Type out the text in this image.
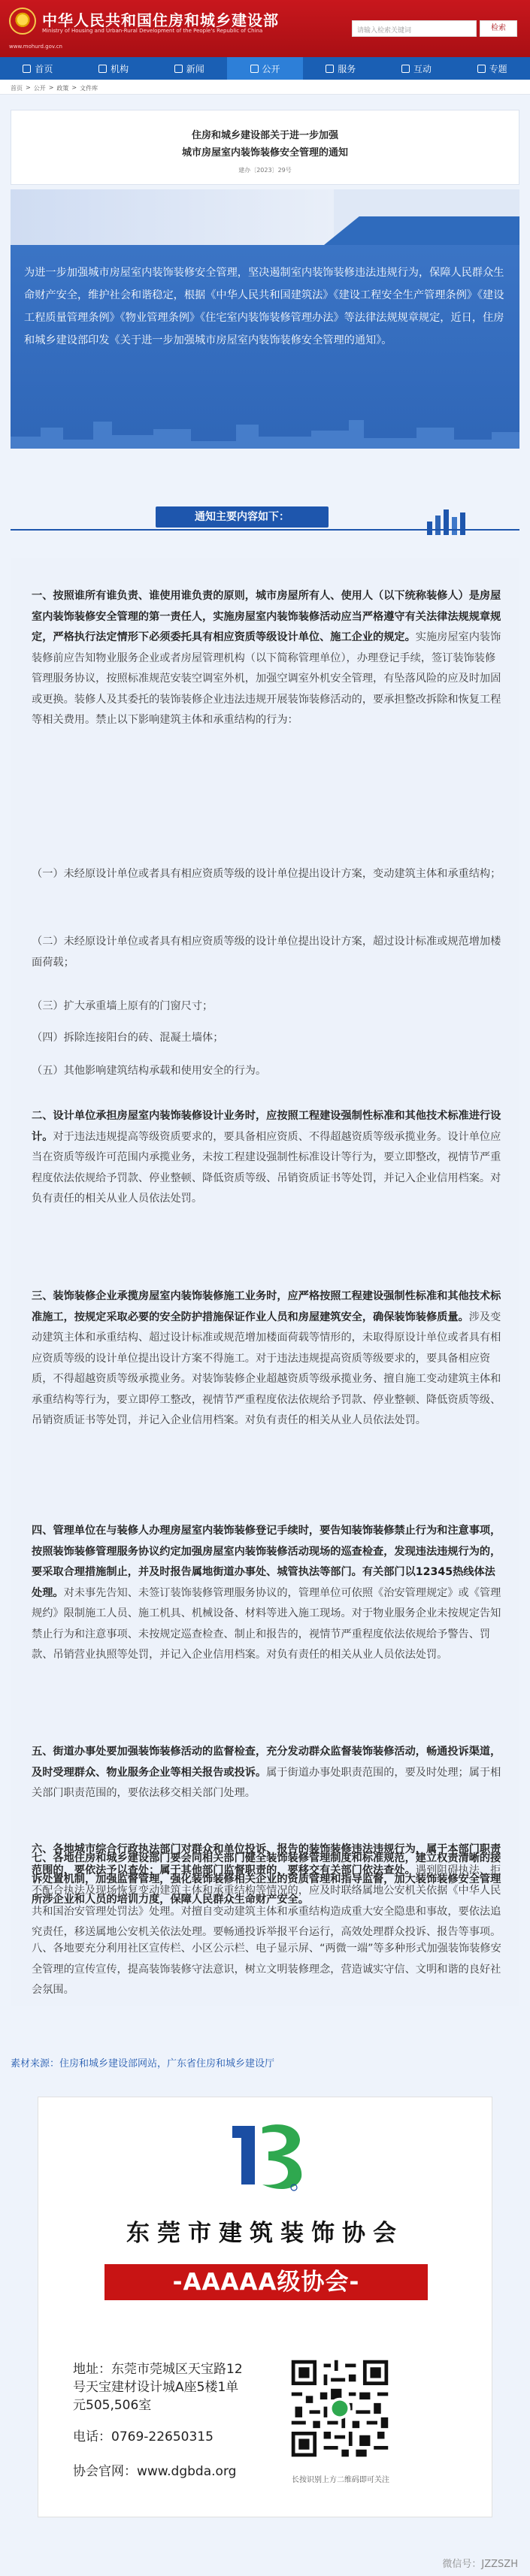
中华人民共和国住房和城乡建设部
Ministry of Housing and Urban-Rural Development of the People's Republic of China
www.mohurd.gov.cn
请输入检索关键词	检索
首页	机构	新闻	公开	服务	互动	专题
首页 > 公开 > 政策 > 文件库
住房和城乡建设部关于进一步加强
城市房屋室内装饰装修安全管理的通知
建办〔2023〕29号
为进一步加强城市房屋室内装饰装修安全管理，坚决遏制室内装饰装修违法违规行为，保障人民群众生命财产安全，维护社会和谐稳定，根据《中华人民共和国建筑法》《建设工程安全生产管理条例》《建设工程质量管理条例》《物业管理条例》《住宅室内装饰装修管理办法》等法律法规规章规定，近日，住房和城乡建设部印发《关于进一步加强城市房屋室内装饰装修安全管理的通知》。
通知主要内容如下：
一、按照谁所有谁负责、谁使用谁负责的原则，城市房屋所有人、使用人（以下统称装修人）是房屋室内装饰装修安全管理的第一责任人，实施房屋室内装饰装修活动应当严格遵守有关法律法规规章规定，严格执行法定情形下必须委托具有相应资质等级设计单位、施工企业的规定。实施房屋室内装饰装修前应告知物业服务企业或者房屋管理机构（以下简称管理单位），办理登记手续，签订装饰装修管理服务协议，按照标准规范安装空调室外机，加强空调室外机安全管理，有坠落风险的应及时加固或更换。装修人及其委托的装饰装修企业违法违规开展装饰装修活动的，要承担整改拆除和恢复工程等相关费用。禁止以下影响建筑主体和承重结构的行为：
（一）未经原设计单位或者具有相应资质等级的设计单位提出设计方案，变动建筑主体和承重结构；
（二）未经原设计单位或者具有相应资质等级的设计单位提出设计方案，超过设计标准或规范增加楼面荷载；
（三）扩大承重墙上原有的门窗尺寸；
（四）拆除连接阳台的砖、混凝土墙体；
（五）其他影响建筑结构承载和使用安全的行为。
二、设计单位承担房屋室内装饰装修设计业务时，应按照工程建设强制性标准和其他技术标准进行设计。对于违法违规提高等级资质要求的，要具备相应资质、不得超越资质等级承揽业务。设计单位应当在资质等级许可范围内承揽业务，未按工程建设强制性标准设计等行为，要立即整改，视情节严重程度依法依规给予罚款、停业整顿、降低资质等级、吊销资质证书等处罚，并记入企业信用档案。对负有责任的相关从业人员依法处罚。
三、装饰装修企业承揽房屋室内装饰装修施工业务时，应严格按照工程建设强制性标准和其他技术标准施工，按规定采取必要的安全防护措施保证作业人员和房屋建筑安全，确保装饰装修质量。涉及变动建筑主体和承重结构、超过设计标准或规范增加楼面荷载等情形的，未取得原设计单位或者具有相应资质等级的设计单位提出设计方案不得施工。对于违法违规提高资质等级要求的，要具备相应资质，不得超越资质等级承揽业务。对装饰装修企业超越资质等级承揽业务、擅自施工变动建筑主体和承重结构等行为，要立即停工整改，视情节严重程度依法依规给予罚款、停业整顿、降低资质等级、吊销资质证书等处罚，并记入企业信用档案。对负有责任的相关从业人员依法处罚。
四、管理单位在与装修人办理房屋室内装饰装修登记手续时，要告知装饰装修禁止行为和注意事项，按照装饰装修管理服务协议约定加强房屋室内装饰装修活动现场的巡查检查，发现违法违规行为的，要采取合理措施制止，并及时报告属地街道办事处、城管执法等部门。有关部门以12345热线体法处理。对未事先告知、未签订装饰装修管理服务协议的，管理单位可依照《治安管理规定》或《管理规约》限制施工人员、施工机具、机械设备、材料等进入施工现场。对于物业服务企业未按规定告知禁止行为和注意事项、未按规定巡查检查、制止和报告的，视情节严重程度依法依规给予警告、罚款、吊销营业执照等处罚，并记入企业信用档案。对负有责任的相关从业人员依法处罚。
五、街道办事处要加强装饰装修活动的监督检查，充分发动群众监督装饰装修活动，畅通投诉渠道，及时受理群众、物业服务企业等相关报告或投诉。属于街道办事处职责范围的，要及时处理；属于相关部门职责范围的，要依法移交相关部门处理。
六、各地城市综合行政执法部门对群众和单位投诉、报告的装饰装修违法违规行为，属于本部门职责范围的，要依法予以查处；属于其他部门监督职责的，要移交有关部门依法查处。遇到阻碍执法、拒不配合执法及现场恢复变动建筑主体和承重结构等情况的，应及时联络属地公安机关依据《中华人民共和国治安管理处罚法》处理。对擅自变动建筑主体和承重结构造成重大安全隐患和事故，要依法追究责任，移送属地公安机关依法处理。要畅通投诉举报平台运行，高效处理群众投诉、报告等事项。
七、各地住房和城乡建设部门要会同相关部门健全装饰装修管理制度和标准规范，建立权责清晰的接诉处置机制，加强监督管理，强化装饰装修相关企业的资质管理和指导监督，加大装饰装修安全管理所涉企业和人员的培训力度，保障人民群众生命财产安全。
八、各地要充分利用社区宣传栏、小区公示栏、电子显示屏、“两微一端”等多种形式加强装饰装修安全管理的宣传宣传，提高装饰装修守法意识，树立文明装修理念，营造诚实守信、文明和谐的良好社会氛围。
素材来源：住房和城乡建设部网站，广东省住房和城乡建设厅
东莞市建筑装饰协会
-AAAAA级协会-
地址：东莞市莞城区天宝路12
号天宝建材设计城A座5楼1单
元505,506室
电话：0769-22650315
协会官网：www.dgbda.org
长按识别上方二维码即可关注
微信号：JZZSZH
